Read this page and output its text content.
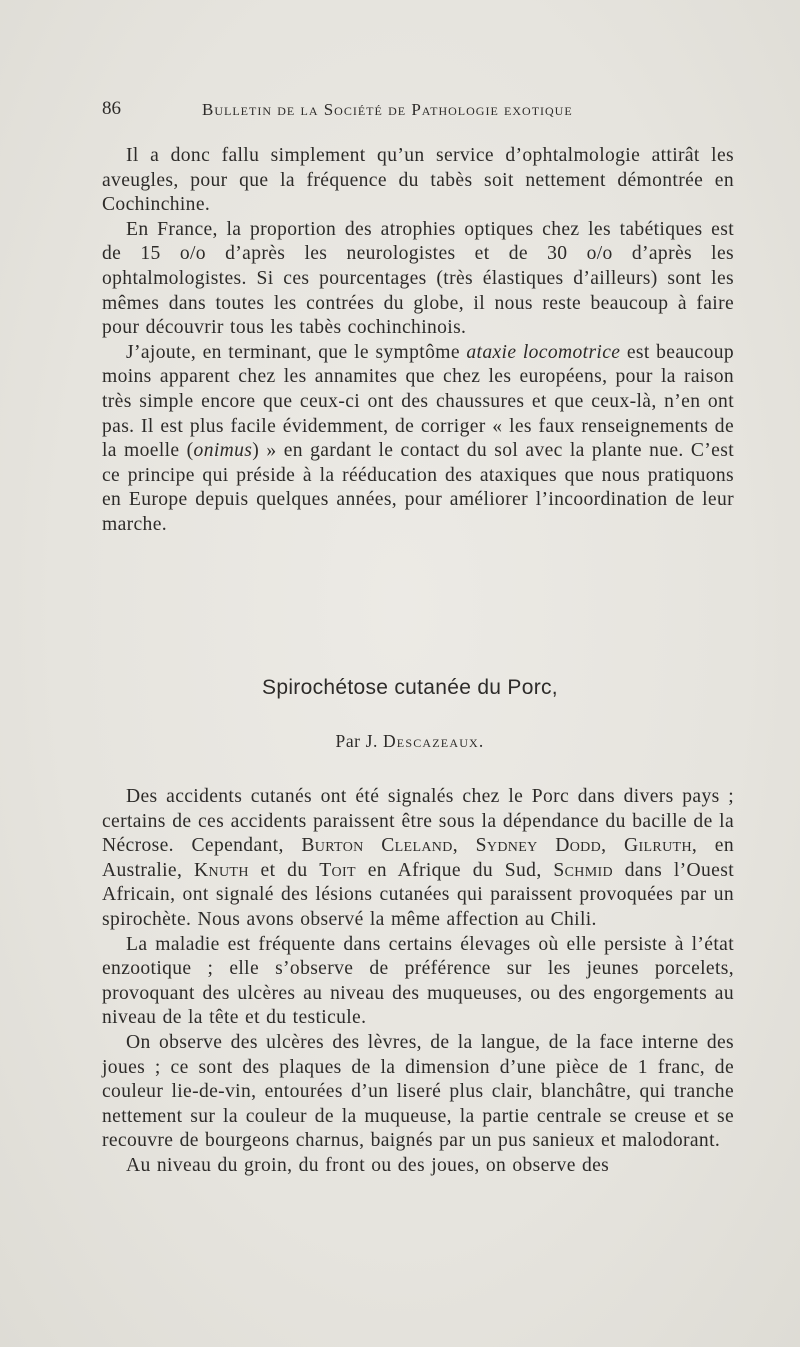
86	Bulletin de la Société de Pathologie exotique

Il a donc fallu simplement qu’un service d’ophtalmologie attirât les aveugles, pour que la fréquence du tabès soit nettement démontrée en Cochinchine.

En France, la proportion des atrophies optiques chez les tabétiques est de 15 o/o d’après les neurologistes et de 30 o/o d’après les ophtalmologistes. Si ces pourcentages (très élastiques d’ailleurs) sont les mêmes dans toutes les contrées du globe, il nous reste beaucoup à faire pour découvrir tous les tabès cochinchinois.

J’ajoute, en terminant, que le symptôme ataxie locomotrice est beaucoup moins apparent chez les annamites que chez les européens, pour la raison très simple encore que ceux-ci ont des chaussures et que ceux-là, n’en ont pas. Il est plus facile évidemment, de corriger « les faux renseignements de la moelle (onimus) » en gardant le contact du sol avec la plante nue. C’est ce principe qui préside à la rééducation des ataxiques que nous pratiquons en Europe depuis quelques années, pour améliorer l’incoordination de leur marche.

Spirochétose cutanée du Porc,
Par J. Descazeaux.

Des accidents cutanés ont été signalés chez le Porc dans divers pays ; certains de ces accidents paraissent être sous la dépendance du bacille de la Nécrose. Cependant, Burton Cleland, Sydney Dodd, Gilruth, en Australie, Knuth et du Toit en Afrique du Sud, Schmid dans l’Ouest Africain, ont signalé des lésions cutanées qui paraissent provoquées par un spirochète. Nous avons observé la même affection au Chili.

La maladie est fréquente dans certains élevages où elle persiste à l’état enzootique ; elle s’observe de préférence sur les jeunes porcelets, provoquant des ulcères au niveau des muqueuses, ou des engorgements au niveau de la tête et du testicule.

On observe des ulcères des lèvres, de la langue, de la face interne des joues ; ce sont des plaques de la dimension d’une pièce de 1 franc, de couleur lie-de-vin, entourées d’un liseré plus clair, blanchâtre, qui tranche nettement sur la couleur de la muqueuse, la partie centrale se creuse et se recouvre de bourgeons charnus, baignés par un pus sanieux et malodorant.

Au niveau du groin, du front ou des joues, on observe des
